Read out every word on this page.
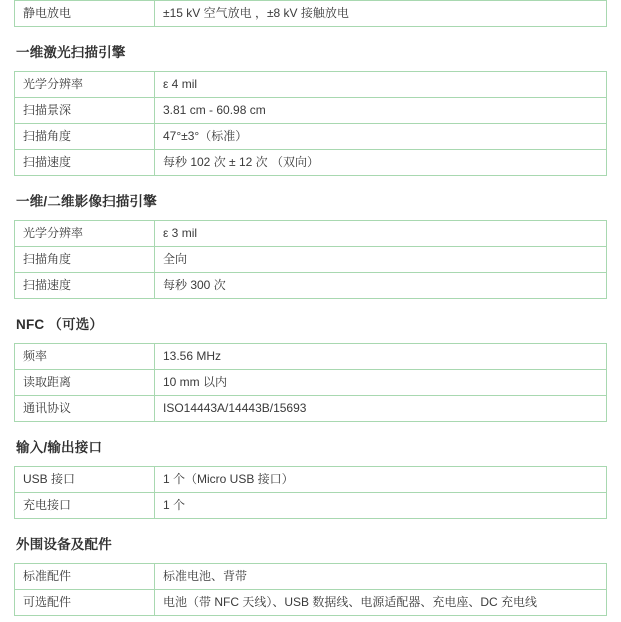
静电放电	±15 kV 空气放电 ，±8 kV 接触放电
一维激光扫描引擎
光学分辨率	ε 4 mil
扫描景深	3.81 cm - 60.98 cm
扫描角度	47°±3°（标准）
扫描速度	每秒 102 次 ± 12 次 （双向）
一维/二维影像扫描引擎
光学分辨率	ε 3 mil
扫描角度	全向
扫描速度	每秒 300 次
NFC （可选）
频率	13.56 MHz
读取距离	10 mm 以内
通讯协议	ISO14443A/14443B/15693
输入/输出接口
USB 接口	1 个（Micro USB 接口）
充电接口	1 个
外围设备及配件
标准配件	标准电池、背带
可选配件	电池（带 NFC 天线）、USB 数据线、电源适配器、充电座、DC 充电线
